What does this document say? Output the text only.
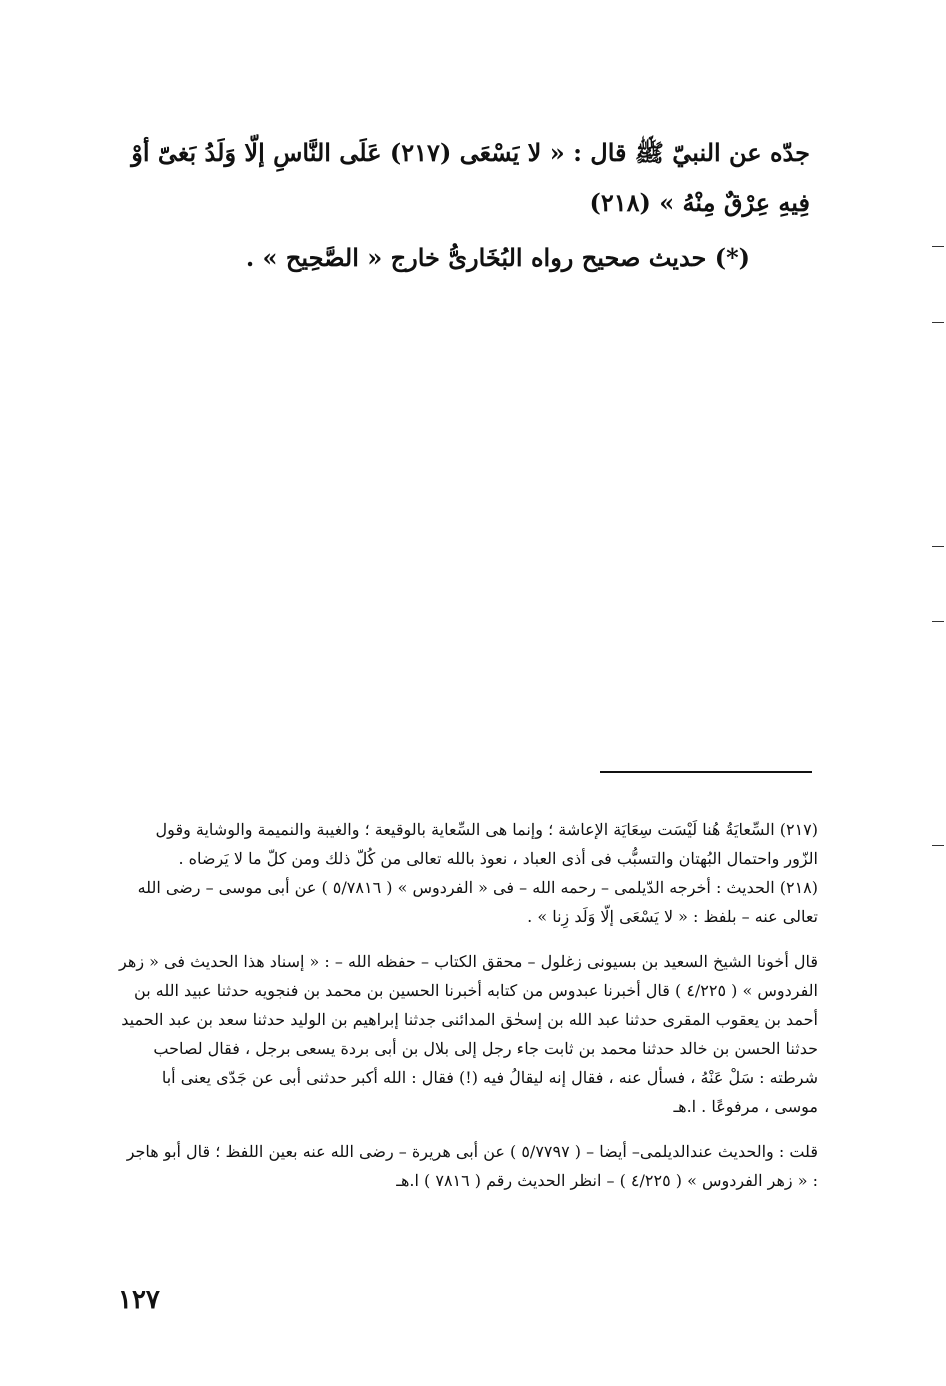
جدّه عن النبيّ ﷺ قال : « لا يَسْعَى (٢١٧) عَلَى النَّاسِ إلّا وَلَدُ بَغىّ أوْ فِيهِ عِرْقٌ مِنْهُ » (٢١٨)
(*) حديث صحيح رواه البُخَارىُّ خارج « الصَّحِيح » .

(٢١٧) السِّعايَةُ هُنا لَيْسَت سِعَايَة الإعاشة ؛ وإنما هى السِّعاية بالوقيعة ؛ والغيبة والنميمة والوشاية وقول الزّور واحتمال البُهتان والتسبُّب فى أذى العباد ، نعوذ بالله تعالى من كُلّ ذلك ومن كلّ ما لا يَرضاه .

(٢١٨) الحديث : أخرجه الدّيلمى – رحمه الله – فى « الفردوس » ( ٥/٧٨١٦ ) عن أبى موسى – رضى الله تعالى عنه – بلفظ : « لا يَسْعَى إلّا وَلَد زِنا » .

قال أخونا الشيخ السعيد بن بسيونى زغلول – محقق الكتاب – حفظه الله – : « إسناد هذا الحديث فى « زهر الفردوس » ( ٤/٢٢٥ ) قال أخبرنا عبدوس من كتابه أخبرنا الحسين بن محمد بن فنجويه حدثنا عبيد الله بن أحمد بن يعقوب المقرى حدثنا عبد الله بن إسحٰق المدائنى جدثنا إبراهيم بن الوليد حدثنا سعد بن عبد الحميد حدثنا الحسن بن خالد حدثنا محمد بن ثابت جاء رجل إلى بلال بن أبى بردة يسعى برجل ، فقال لصاحب شرطته : سَلْ عَنْهُ ، فسأل عنه ، فقال إنه ليقالُ فيه (!) فقال : الله أكبر حدثنى أبى عن جَدّى يعنى أبا موسى ، مرفوعًا . ا.هـ

قلت : والحديث عندالديلمى– أيضا – ( ٥/٧٧٩٧ ) عن أبى هريرة – رضى الله عنه بعين اللفظ ؛ قال أبو هاجر : « زهر الفردوس » ( ٤/٢٢٥ ) – انظر الحديث رقم ( ٧٨١٦ ) ا.هـ

١٢٧
